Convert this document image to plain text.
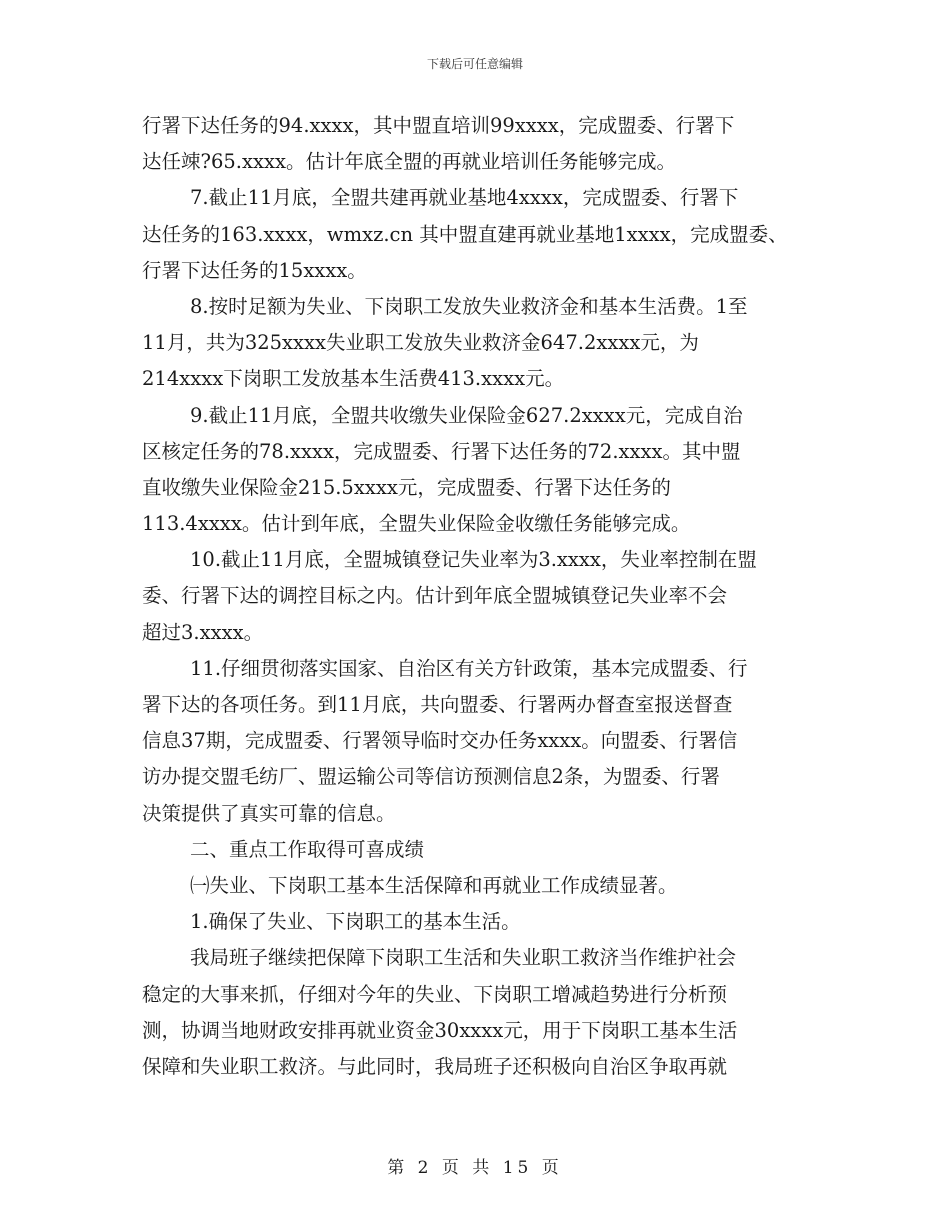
下载后可任意编辑
行署下达任务的94.xxxx，其中盟直培训99xxxx，完成盟委、行署下
达任竦?65.xxxx。估计年底全盟的再就业培训任务能够完成。
7.截止11月底，全盟共建再就业基地4xxxx，完成盟委、行署下
达任务的163.xxxx，wmxz.cn 其中盟直建再就业基地1xxxx，完成盟委、
行署下达任务的15xxxx。
8.按时足额为失业、下岗职工发放失业救济金和基本生活费。1至
11月，共为325xxxx失业职工发放失业救济金647.2xxxx元，为
214xxxx下岗职工发放基本生活费413.xxxx元。
9.截止11月底，全盟共收缴失业保险金627.2xxxx元，完成自治
区核定任务的78.xxxx，完成盟委、行署下达任务的72.xxxx。其中盟
直收缴失业保险金215.5xxxx元，完成盟委、行署下达任务的
113.4xxxx。估计到年底，全盟失业保险金收缴任务能够完成。
10.截止11月底，全盟城镇登记失业率为3.xxxx，失业率控制在盟
委、行署下达的调控目标之内。估计到年底全盟城镇登记失业率不会
超过3.xxxx。
11.仔细贯彻落实国家、自治区有关方针政策，基本完成盟委、行
署下达的各项任务。到11月底，共向盟委、行署两办督查室报送督查
信息37期，完成盟委、行署领导临时交办任务xxxx。向盟委、行署信
访办提交盟毛纺厂、盟运输公司等信访预测信息2条，为盟委、行署
决策提供了真实可靠的信息。
二、重点工作取得可喜成绩
㈠失业、下岗职工基本生活保障和再就业工作成绩显著。
1.确保了失业、下岗职工的基本生活。
我局班子继续把保障下岗职工生活和失业职工救济当作维护社会
稳定的大事来抓，仔细对今年的失业、下岗职工增减趋势进行分析预
测，协调当地财政安排再就业资金30xxxx元，用于下岗职工基本生活
保障和失业职工救济。与此同时，我局班子还积极向自治区争取再就
第 2 页 共 15 页
